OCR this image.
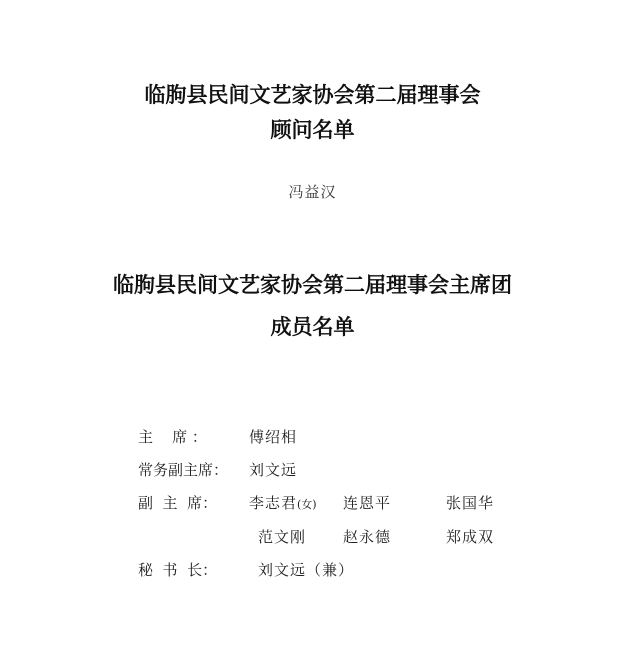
临朐县民间文艺家协会第二届理事会
顾问名单
冯益汉
临朐县民间文艺家协会第二届理事会主席团
成员名单
主    席 ：	傅绍相
常务副主席： 刘文远
副  主  席： 李志君(女) 连恩平	张国华
范文刚 赵永德	郑成双
秘  书  长：	刘文远（兼）
